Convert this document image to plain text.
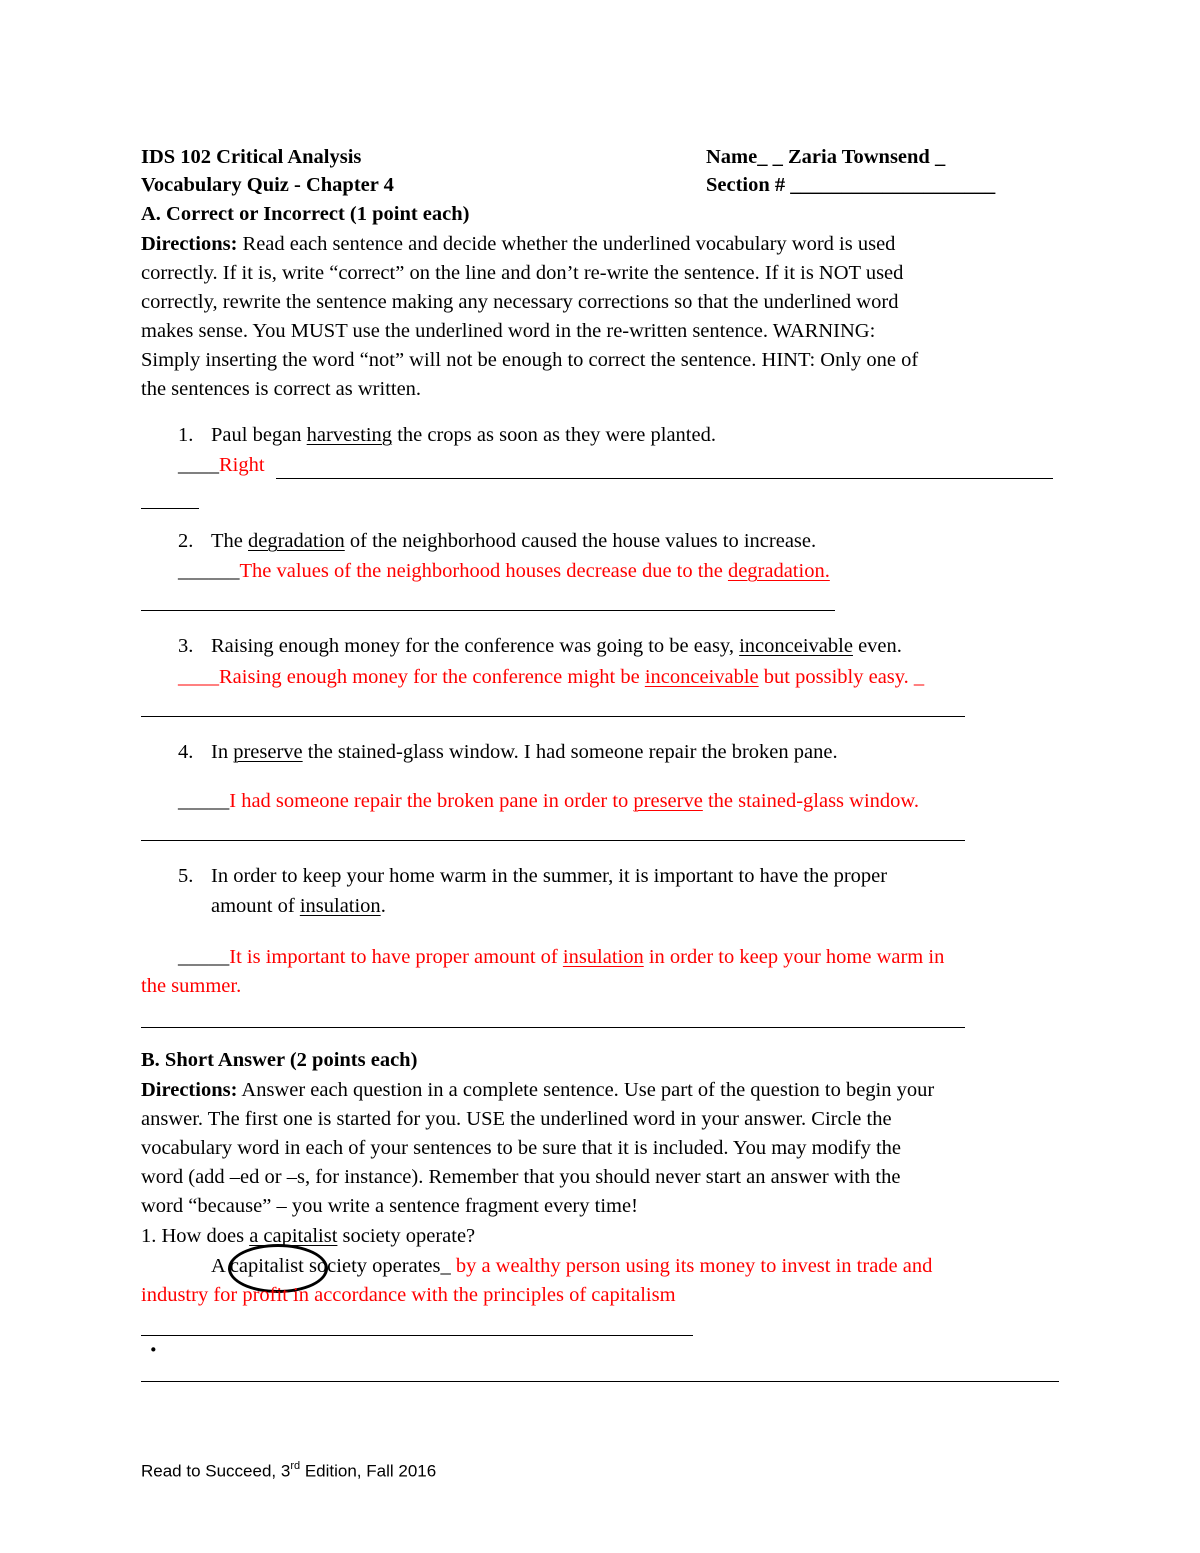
IDS 102 Critical Analysis
Vocabulary Quiz - Chapter 4
Name_ _ Zaria Townsend _
Section # ____________________
A. Correct or Incorrect (1 point each)
Directions: Read each sentence and decide whether the underlined vocabulary word is used
correctly. If it is, write “correct” on the line and don’t re-write the sentence. If it is NOT used
correctly, rewrite the sentence making any necessary corrections so that the underlined word
makes sense. You MUST use the underlined word in the re-written sentence. WARNING:
Simply inserting the word “not” will not be enough to correct the sentence. HINT: Only one of
the sentences is correct as written.
1. Paul began harvesting the crops as soon as they were planted.
____Right
2. The degradation of the neighborhood caused the house values to increase.
______The values of the neighborhood houses decrease due to the degradation.
3. Raising enough money for the conference was going to be easy, inconceivable even.
____Raising enough money for the conference might be inconceivable but possibly easy. _
4. In preserve the stained-glass window. I had someone repair the broken pane.
_____I had someone repair the broken pane in order to preserve the stained-glass window.
5. In order to keep your home warm in the summer, it is important to have the proper
amount of insulation.
_____It is important to have proper amount of insulation in order to keep your home warm in
the summer.
B. Short Answer (2 points each)
Directions: Answer each question in a complete sentence. Use part of the question to begin your
answer. The first one is started for you. USE the underlined word in your answer. Circle the
vocabulary word in each of your sentences to be sure that it is included. You may modify the
word (add –ed or –s, for instance). Remember that you should never start an answer with the
word “because” – you write a sentence fragment every time!
1. How does a capitalist society operate?
A capitalist society operates_ by a wealthy person using its money to invest in trade and
industry for profit in accordance with the principles of capitalism
·
Read to Succeed, 3rd Edition, Fall 2016
